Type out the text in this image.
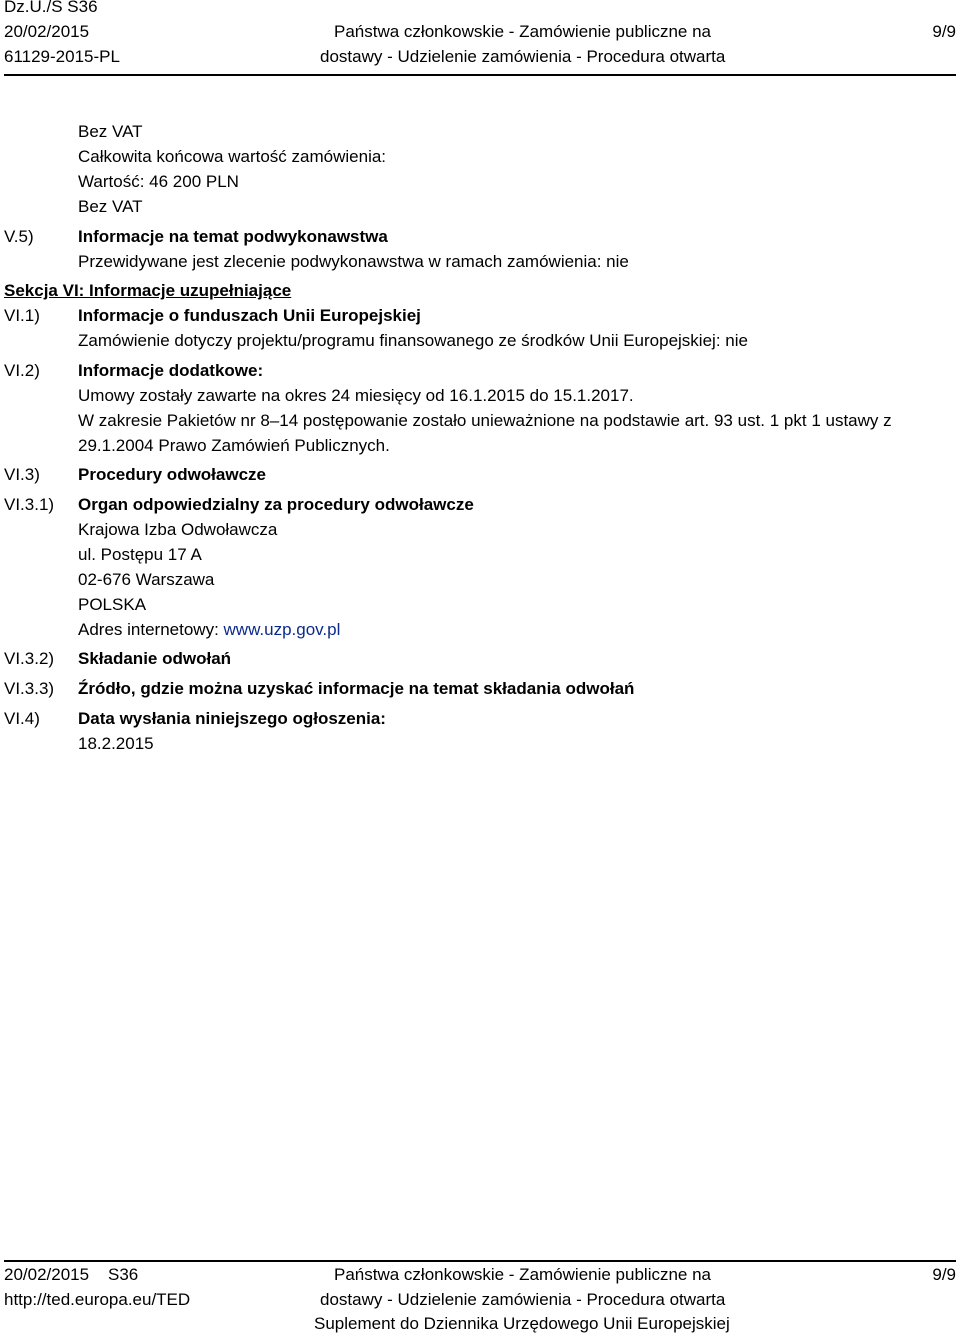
Dz.U./S S36
20/02/2015
61129-2015-PL
Państwa członkowskie - Zamówienie publiczne na
dostawy - Udzielenie zamówienia - Procedura otwarta
9/9
Bez VAT
Całkowita końcowa wartość zamówienia:
Wartość: 46 200 PLN
Bez VAT
V.5)	Informacje na temat podwykonawstwa
Przewidywane jest zlecenie podwykonawstwa w ramach zamówienia: nie
Sekcja VI: Informacje uzupełniające
VI.1) Informacje o funduszach Unii Europejskiej
Zamówienie dotyczy projektu/programu finansowanego ze środków Unii Europejskiej: nie
VI.2) Informacje dodatkowe:
Umowy zostały zawarte na okres 24 miesięcy od 16.1.2015 do 15.1.2017.
W zakresie Pakietów nr 8–14 postępowanie zostało unieważnione na podstawie art. 93 ust. 1 pkt 1 ustawy z
29.1.2004 Prawo Zamówień Publicznych.
VI.3) Procedury odwoławcze
VI.3.1) Organ odpowiedzialny za procedury odwoławcze
Krajowa Izba Odwoławcza
ul. Postępu 17 A
02-676 Warszawa
POLSKA
Adres internetowy: www.uzp.gov.pl
VI.3.2) Składanie odwołań
VI.3.3) Źródło, gdzie można uzyskać informacje na temat składania odwołań
VI.4) Data wysłania niniejszego ogłoszenia:
18.2.2015
20/02/2015    S36
http://ted.europa.eu/TED
Państwa członkowskie - Zamówienie publiczne na
dostawy - Udzielenie zamówienia - Procedura otwarta
Suplement do Dziennika Urzędowego Unii Europejskiej
9/9
